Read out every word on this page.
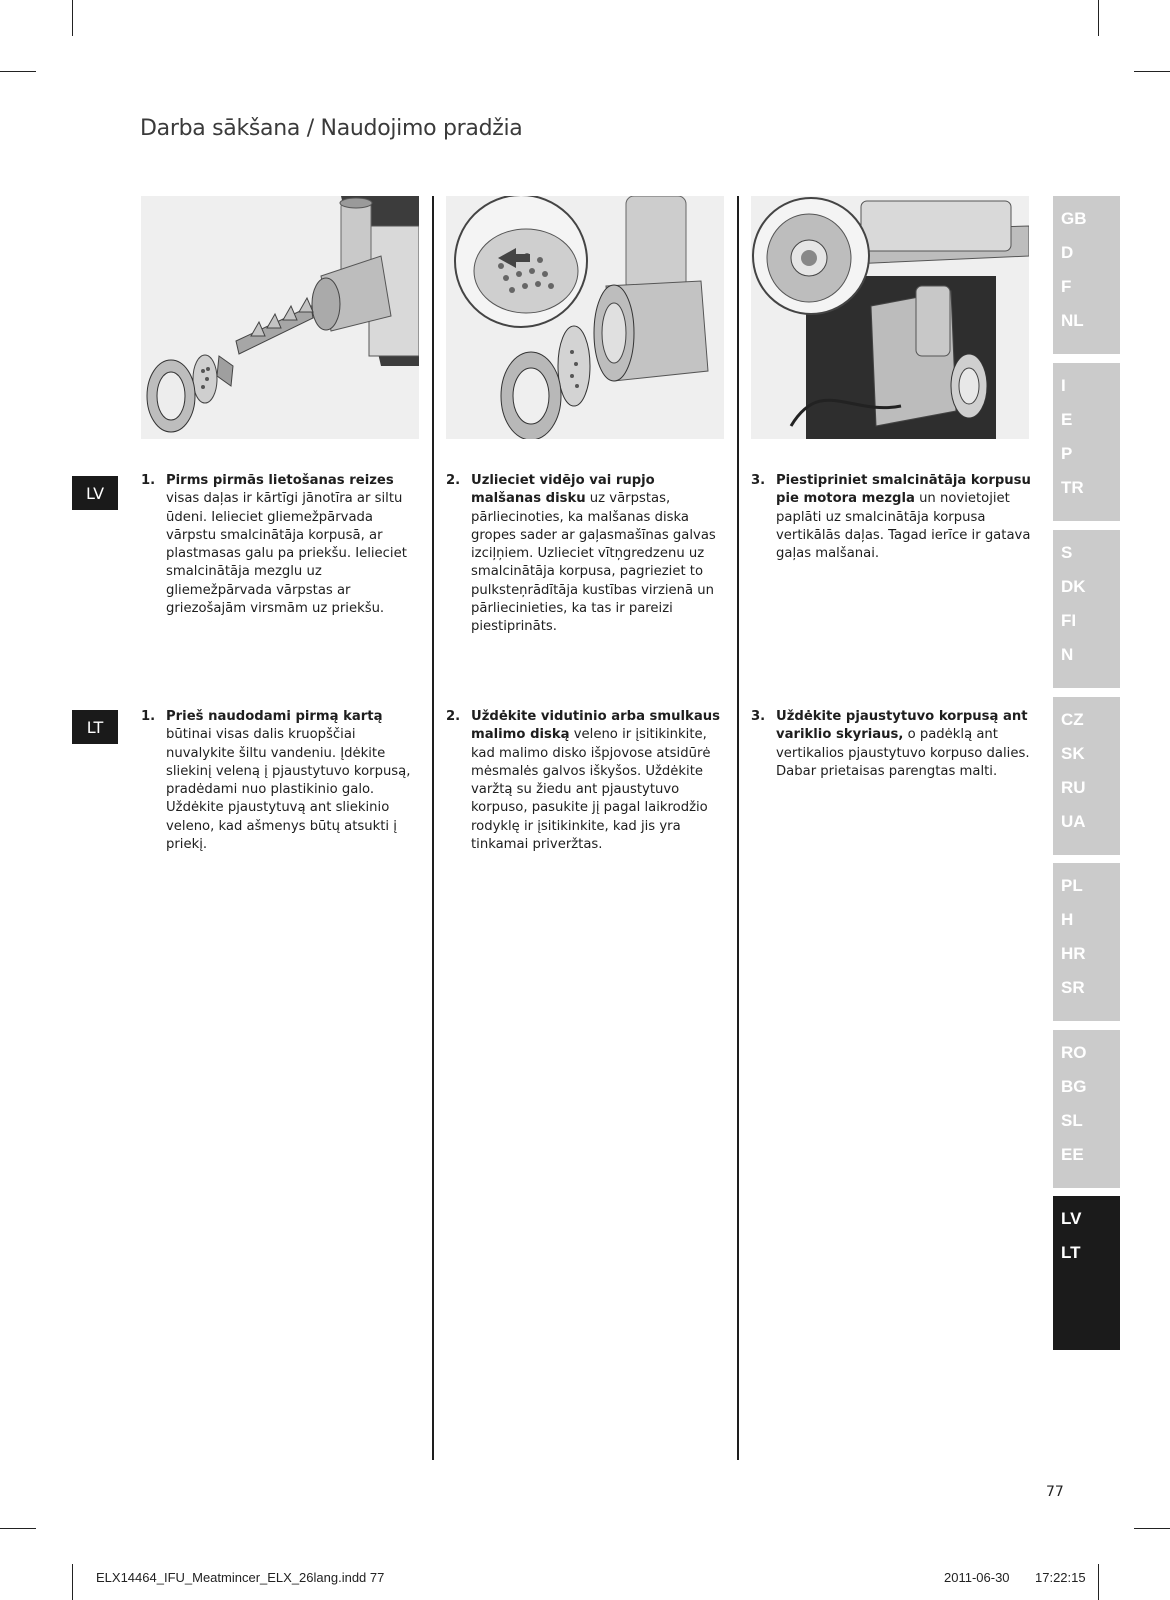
Darba sākšana / Naudojimo pradžia
LV
1. Pirms pirmās lietošanas reizes visas daļas ir kārtīgi jānotīra ar siltu ūdeni. Ielieciet gliemežpārvada vārpstu smalcinātāja korpusā, ar plastmasas galu pa priekšu. Ielieciet smalcinātāja mezglu uz gliemežpārvada vārpstas ar griezošajām virsmām uz priekšu.
2. Uzlieciet vidējo vai rupjo malšanas disku uz vārpstas, pārliecinoties, ka malšanas diska gropes sader ar gaļasmašīnas galvas izciļņiem. Uzlieciet vītņgredzenu uz smalcinātāja korpusa, pagrieziet to pulksteņrādītāja kustības virzienā un pārliecinieties, ka tas ir pareizi piestiprināts.
3. Piestipriniet smalcinātāja korpusu pie motora mezgla un novietojiet paplāti uz smalcinātāja korpusa vertikālās daļas. Tagad ierīce ir gatava gaļas malšanai.
LT
1. Prieš naudodami pirmą kartą būtinai visas dalis kruopščiai nuvalykite šiltu vandeniu. Įdėkite sliekinį veleną į pjaustytuvo korpusą, pradėdami nuo plastikinio galo. Uždėkite pjaustytuvą ant sliekinio veleno, kad ašmenys būtų atsukti į priekį.
2. Uždėkite vidutinio arba smulkaus malimo diską veleno ir įsitikinkite, kad malimo disko išpjovose atsidūrė mėsmalės galvos iškyšos. Uždėkite varžtą su žiedu ant pjaustytuvo korpuso, pasukite jį pagal laikrodžio rodyklę ir įsitikinkite, kad jis yra tinkamai priveržtas.
3. Uždėkite pjaustytuvo korpusą ant variklio skyriaus, o padėklą ant vertikalios pjaustytuvo korpuso dalies. Dabar prietaisas parengtas malti.
GB
D
F
NL
I
E
P
TR
S
DK
FI
N
CZ
SK
RU
UA
PL
H
HR
SR
RO
BG
SL
EE
LV
LT
77
ELX14464_IFU_Meatmincer_ELX_26lang.indd 77	2011-06-30 17:22:15
